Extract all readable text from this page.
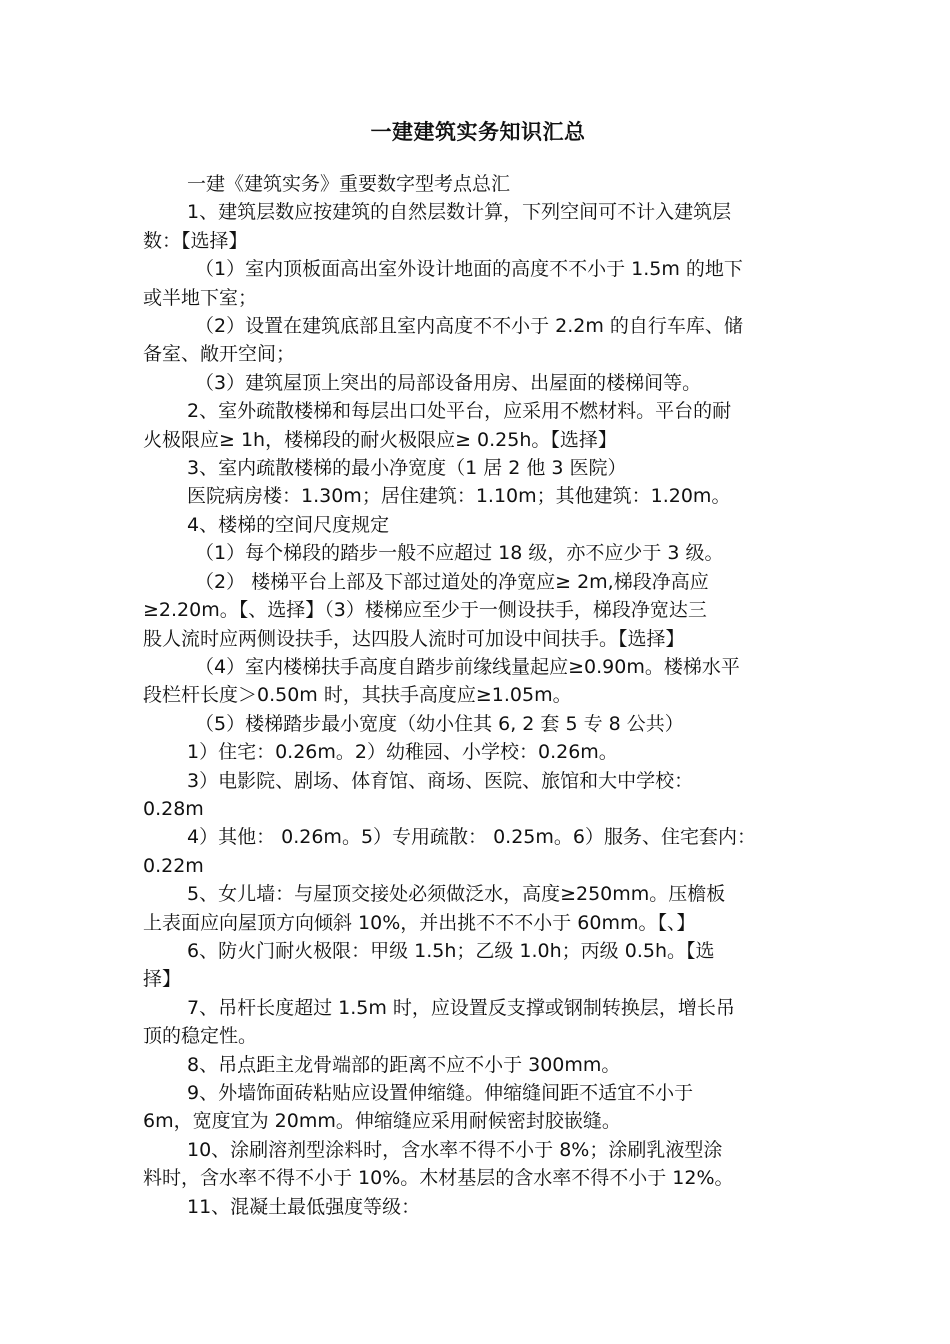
一建建筑实务知识汇总
一建《建筑实务》重要数字型考点总汇
1、建筑层数应按建筑的自然层数计算，下列空间可不计入建筑层
数：【选择】
（1）室内顶板面高出室外设计地面的高度不不小于 1.5m 的地下
或半地下室；
（2）设置在建筑底部且室内高度不不小于 2.2m 的自行车库、储
备室、敞开空间；
（3）建筑屋顶上突出的局部设备用房、出屋面的楼梯间等。
2、室外疏散楼梯和每层出口处平台，应采用不燃材料。平台的耐
火极限应≥ 1h，楼梯段的耐火极限应≥ 0.25h。【选择】
3、室内疏散楼梯的最小净宽度（1 居 2 他 3 医院）
医院病房楼：1.30m；居住建筑：1.10m；其他建筑：1.20m。
4、楼梯的空间尺度规定
（1）每个梯段的踏步一般不应超过 18 级，亦不应少于 3 级。
（2） 楼梯平台上部及下部过道处的净宽应≥ 2m,梯段净高应
≥2.20m。【、选择】（3）楼梯应至少于一侧设扶手，梯段净宽达三
股人流时应两侧设扶手，达四股人流时可加设中间扶手。【选择】
（4）室内楼梯扶手高度自踏步前缘线量起应≥0.90m。楼梯水平
段栏杆长度＞0.50m 时，其扶手高度应≥1.05m。
（5）楼梯踏步最小宽度（幼小住其 6, 2 套 5 专 8 公共）
1）住宅：0.26m。2）幼稚园、小学校：0.26m。
3）电影院、剧场、体育馆、商场、医院、旅馆和大中学校：
0.28m
4）其他： 0.26m。5）专用疏散： 0.25m。6）服务、住宅套内：
0.22m
5、女儿墙：与屋顶交接处必须做泛水，高度≥250mm。压檐板
上表面应向屋顶方向倾斜 10%，并出挑不不不小于 60mm。【、】
6、防火门耐火极限：甲级 1.5h；乙级 1.0h；丙级 0.5h。【选
择】
7、吊杆长度超过 1.5m 时，应设置反支撑或钢制转换层，增长吊
顶的稳定性。
8、吊点距主龙骨端部的距离不应不小于 300mm。
9、外墙饰面砖粘贴应设置伸缩缝。伸缩缝间距不适宜不小于
6m，宽度宜为 20mm。伸缩缝应采用耐候密封胶嵌缝。
10、涂刷溶剂型涂料时，含水率不得不小于 8%；涂刷乳液型涂
料时，含水率不得不小于 10%。木材基层的含水率不得不小于 12%。
11、混凝土最低强度等级：
